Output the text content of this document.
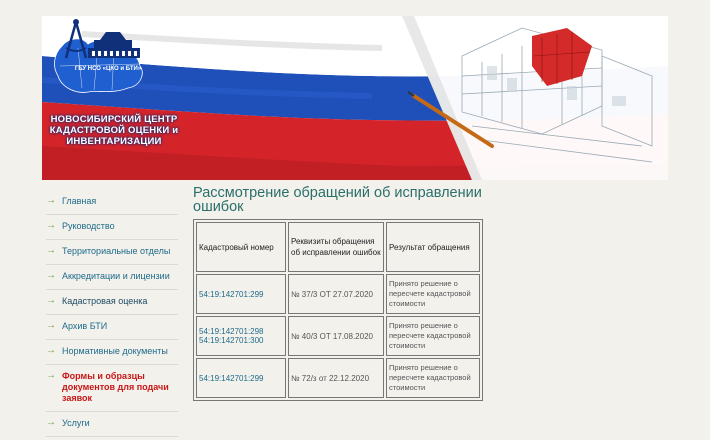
ГБУ НСО «ЦКО и БТИ»
НОВОСИБИРСКИЙ ЦЕНТР
КАДАСТРОВОЙ ОЦЕНКИ и
ИНВЕНТАРИЗАЦИИ
→ Главная
→ Руководство
→ Территориальные отделы
→ Аккредитации и лицензии
→ Кадастровая оценка
→ Архив БТИ
→ Нормативные документы
→ Формы и образцы документов для подачи заявок
→ Услуги
Рассмотрение обращений об исправлении ошибок
Кадастровый номер	Реквизиты обращения об исправлении ошибок	Результат обращения

54:19:142701:299	№ 37/3 ОТ 27.07.2020	Принято решение о пересчете кадастровой стоимости

54:19:142701:298
54:19:142701:300	№ 40/3 ОТ 17.08.2020	Принято решение о пересчете кадастровой стоимости

54:19:142701:299	№ 72/з от 22.12.2020	Принято решение о пересчете кадастровой стоимости
